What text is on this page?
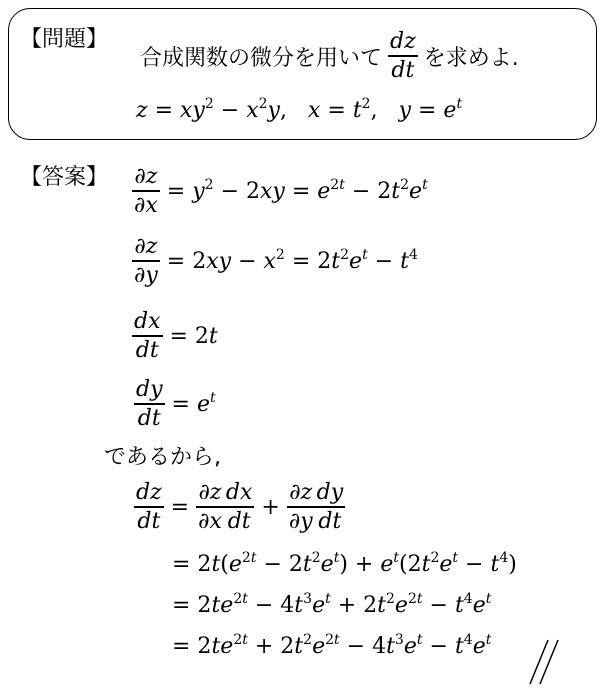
【問題】
合成関数の微分を用いて $\frac{dz}{dt}$ を求めよ.
$z = xy^2 - x^2y$,   $x = t^2$,   $y = e^t$
【答案】 $\frac{\partial z}{\partial x} = y^2 - 2xy = e^{2t} - 2t^2e^t$
$\frac{\partial z}{\partial y} = 2xy - x^2 = 2t^2e^t - t^4$
$\frac{dx}{dt} = 2t$
$\frac{dy}{dt} = e^t$
であるから,
$\frac{dz}{dt} = \frac{\partial z}{\partial x} \frac{dx}{dt} + \frac{\partial z}{\partial y} \frac{dy}{dt}$
= $2t(e^{2t} - 2t^2e^t) + e^t(2t^2e^t - t^4)$
= $2te^{2t} - 4t^3e^t + 2t^2e^{2t} - t^4e^t$
= $2te^{2t} + 2t^2e^{2t} - 4t^3e^t - t^4e^t$
